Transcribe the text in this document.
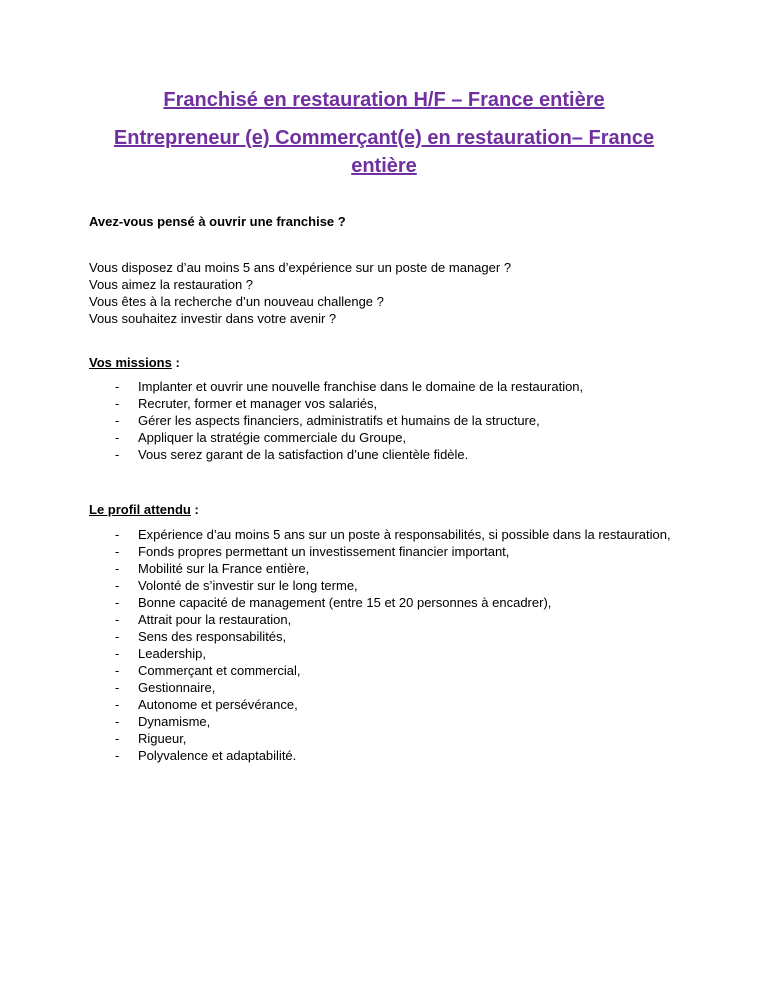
Franchisé en restauration H/F – France entière
Entrepreneur (e) Commerçant(e) en restauration– France entière

Avez-vous pensé à ouvrir une franchise ?

Vous disposez d’au moins 5 ans d’expérience sur un poste de manager ?

Vous aimez la restauration ?

Vous êtes à la recherche d’un nouveau challenge ?

Vous souhaitez investir dans votre avenir ?

Vos missions :

- Implanter et ouvrir une nouvelle franchise dans le domaine de la restauration,
- Recruter, former et manager vos salariés,
- Gérer les aspects financiers, administratifs et humains de la structure,
- Appliquer la stratégie commerciale du Groupe,
- Vous serez garant de la satisfaction d’une clientèle fidèle.

Le profil attendu :

- Expérience d’au moins 5 ans sur un poste à responsabilités, si possible dans la restauration,
- Fonds propres permettant un investissement financier important,
- Mobilité sur la France entière,
- Volonté de s’investir sur le long terme,
- Bonne capacité de management (entre 15 et 20 personnes à encadrer),
- Attrait pour la restauration,
- Sens des responsabilités,
- Leadership,
- Commerçant et commercial,
- Gestionnaire,
- Autonome et persévérance,
- Dynamisme,
- Rigueur,
- Polyvalence et adaptabilité.
